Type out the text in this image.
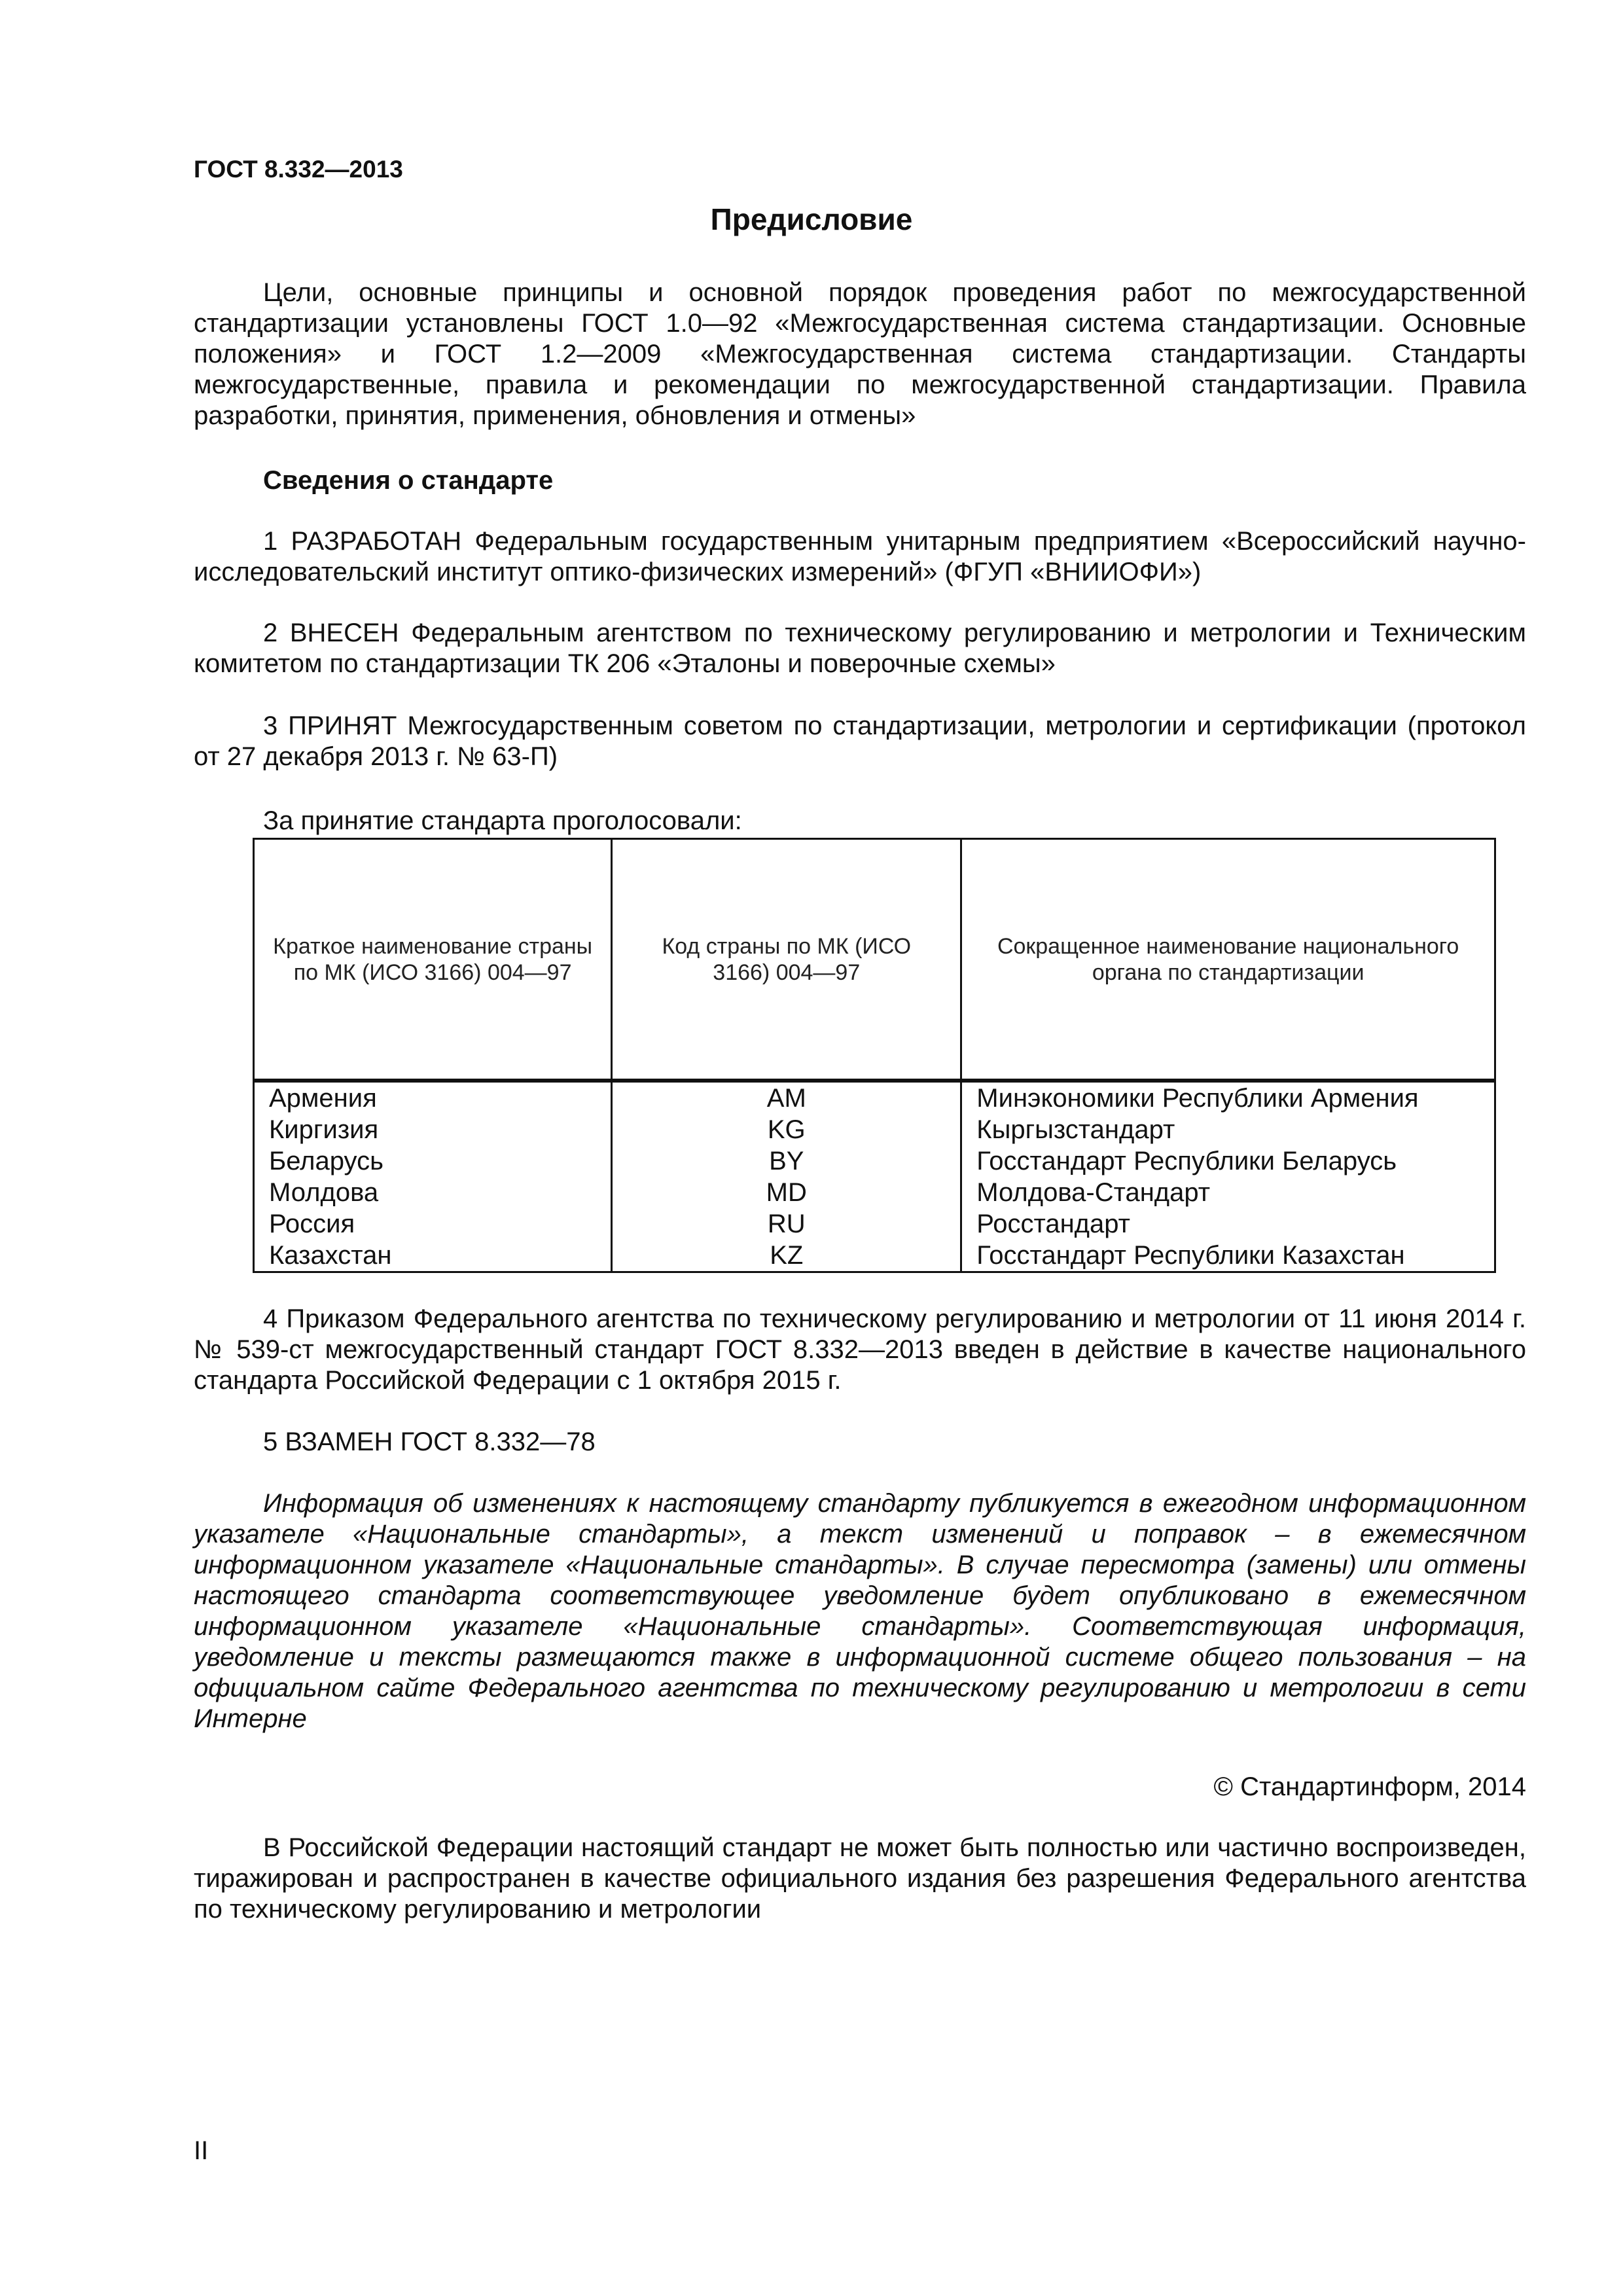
ГОСТ 8.332—2013
Предисловие

Цели, основные принципы и основной порядок проведения работ по межгосударственной стандартизации установлены ГОСТ 1.0—92 «Межгосударственная система стандартизации. Основные положения» и ГОСТ 1.2—2009 «Межгосударственная система стандартизации. Стандарты межгосударственные, правила и рекомендации по межгосударственной стандартизации. Правила разработки, принятия, применения, обновления и отмены»

Сведения о стандарте

1 РАЗРАБОТАН Федеральным государственным унитарным предприятием «Всероссийский научно-исследовательский институт оптико-физических измерений» (ФГУП «ВНИИОФИ»)

2 ВНЕСЕН Федеральным агентством по техническому регулированию и метрологии и Техническим комитетом по стандартизации ТК 206 «Эталоны и поверочные схемы»

3 ПРИНЯТ Межгосударственным советом по стандартизации, метрологии и сертификации (протокол от 27 декабря 2013 г. № 63-П)

За принятие стандарта проголосовали:
Краткое наименование страны по МК (ИСО 3166) 004—97	Код страны по МК (ИСО 3166) 004—97	Сокращенное наименование национального органа по стандартизации
Армения	AM	Минэкономики Республики Армения
Киргизия	KG	Кыргызстандарт
Беларусь	BY	Госстандарт Республики Беларусь
Молдова	MD	Молдова-Стандарт
Россия	RU	Росстандарт
Казахстан	KZ	Госстандарт Республики Казахстан

4 Приказом Федерального агентства по техническому регулированию и метрологии от 11 июня 2014 г. № 539-ст межгосударственный стандарт ГОСТ 8.332—2013 введен в действие в качестве национального стандарта Российской Федерации с 1 октября 2015 г.

5 ВЗАМЕН ГОСТ 8.332—78

Информация об изменениях к настоящему стандарту публикуется в ежегодном информационном указателе «Национальные стандарты», а текст изменений и поправок – в ежемесячном информационном указателе «Национальные стандарты». В случае пересмотра (замены) или отмены настоящего стандарта соответствующее уведомление будет опубликовано в ежемесячном информационном указателе «Национальные стандарты». Соответствующая информация, уведомление и тексты размещаются также в информационной системе общего пользования – на официальном сайте Федерального агентства по техническому регулированию и метрологии в сети Интерне

© Стандартинформ, 2014

В Российской Федерации настоящий стандарт не может быть полностью или частично воспроизведен, тиражирован и распространен в качестве официального издания без разрешения Федерального агентства по техническому регулированию и метрологии

II
